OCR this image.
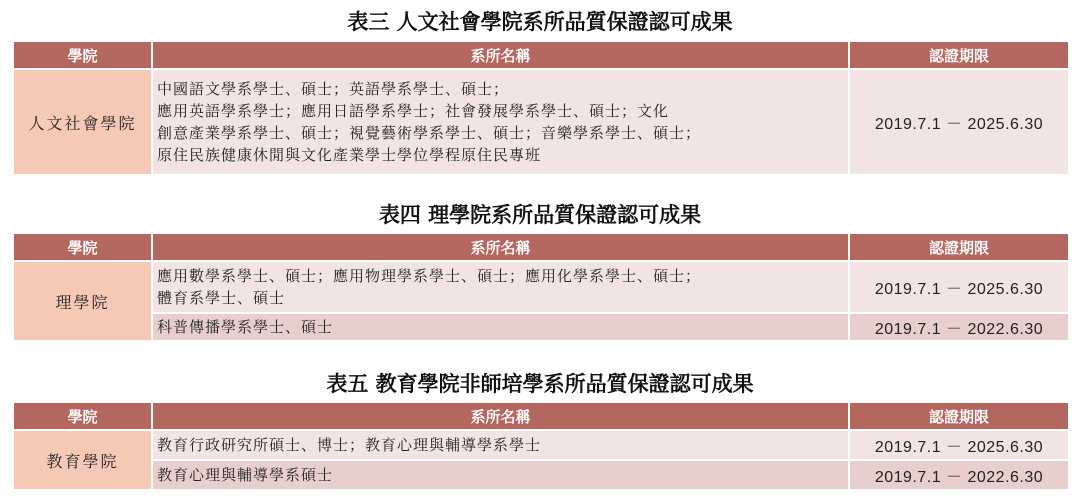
表三 人文社會學院系所品質保證認可成果
學院	系所名稱	認證期限
人文社會學院	中國語文學系學士、碩士；英語學系學士、碩士；
應用英語學系學士；應用日語學系學士；社會發展學系學士、碩士；文化
創意產業學系學士、碩士；視覺藝術學系學士、碩士；音樂學系學士、碩士；
原住民族健康休閒與文化產業學士學位學程原住民專班	2019.7.1 － 2025.6.30
表四 理學院系所品質保證認可成果
學院	系所名稱	認證期限
理學院	應用數學系學士、碩士；應用物理學系學士、碩士；應用化學系學士、碩士；
體育系學士、碩士	2019.7.1 － 2025.6.30

	科普傳播學系學士、碩士	2019.7.1 － 2022.6.30
表五 教育學院非師培學系所品質保證認可成果
學院	系所名稱	認證期限
教育學院	教育行政研究所碩士、博士；教育心理與輔導學系學士	2019.7.1 － 2025.6.30

	教育心理與輔導學系碩士	2019.7.1 － 2022.6.30
